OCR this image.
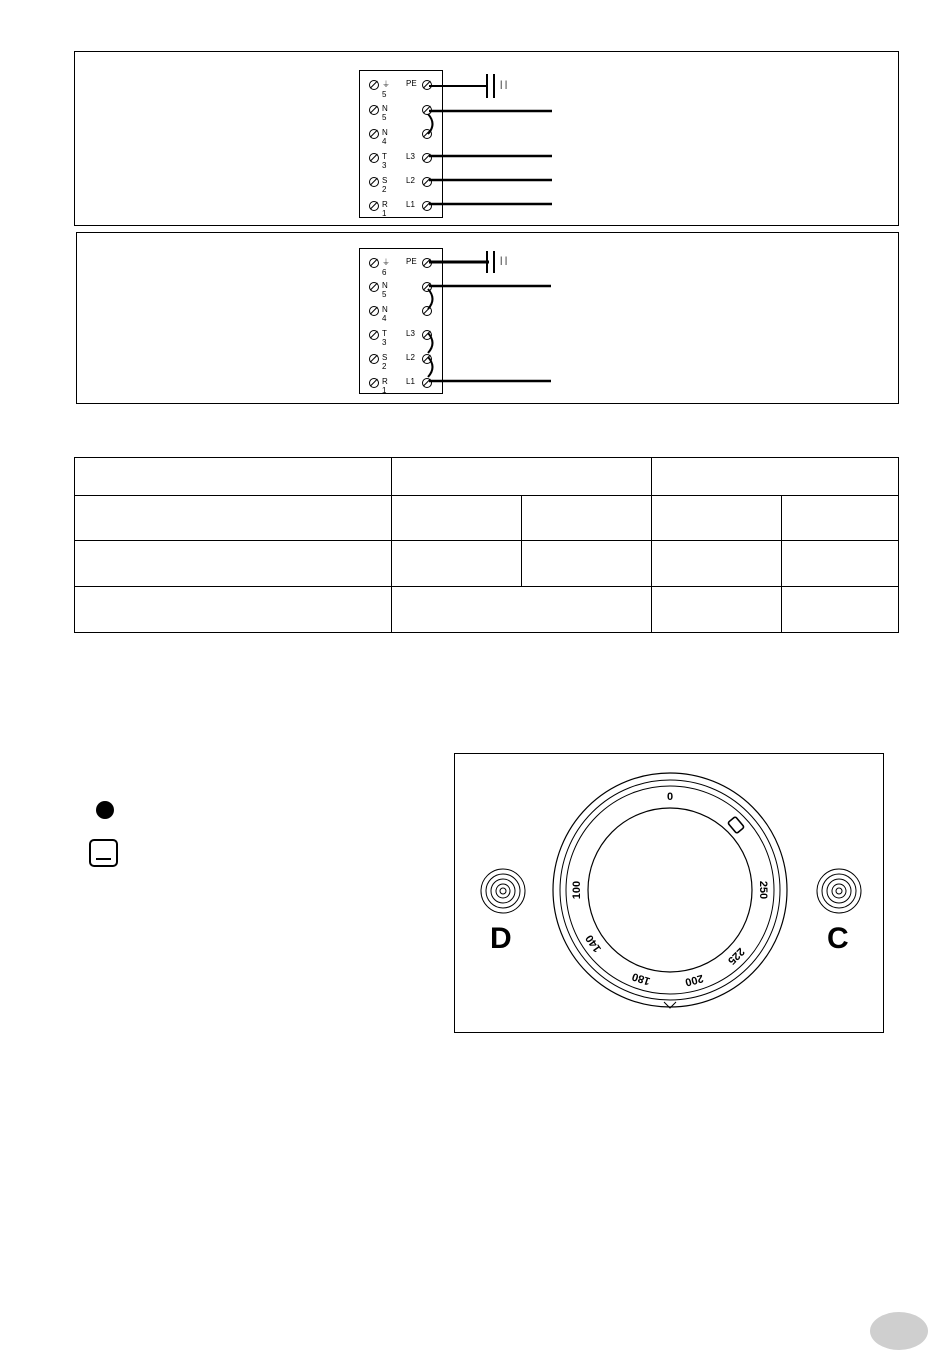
⏚ 5
PE
N 5
N 4
T 3
L3
S 2
L2
R 1
L1
| |
⏚ 6
PE
N 5
N 4
T 3
L3
S 2
L2
R 1
L1
| |

D	C
0
250
225
200
180
140
100
